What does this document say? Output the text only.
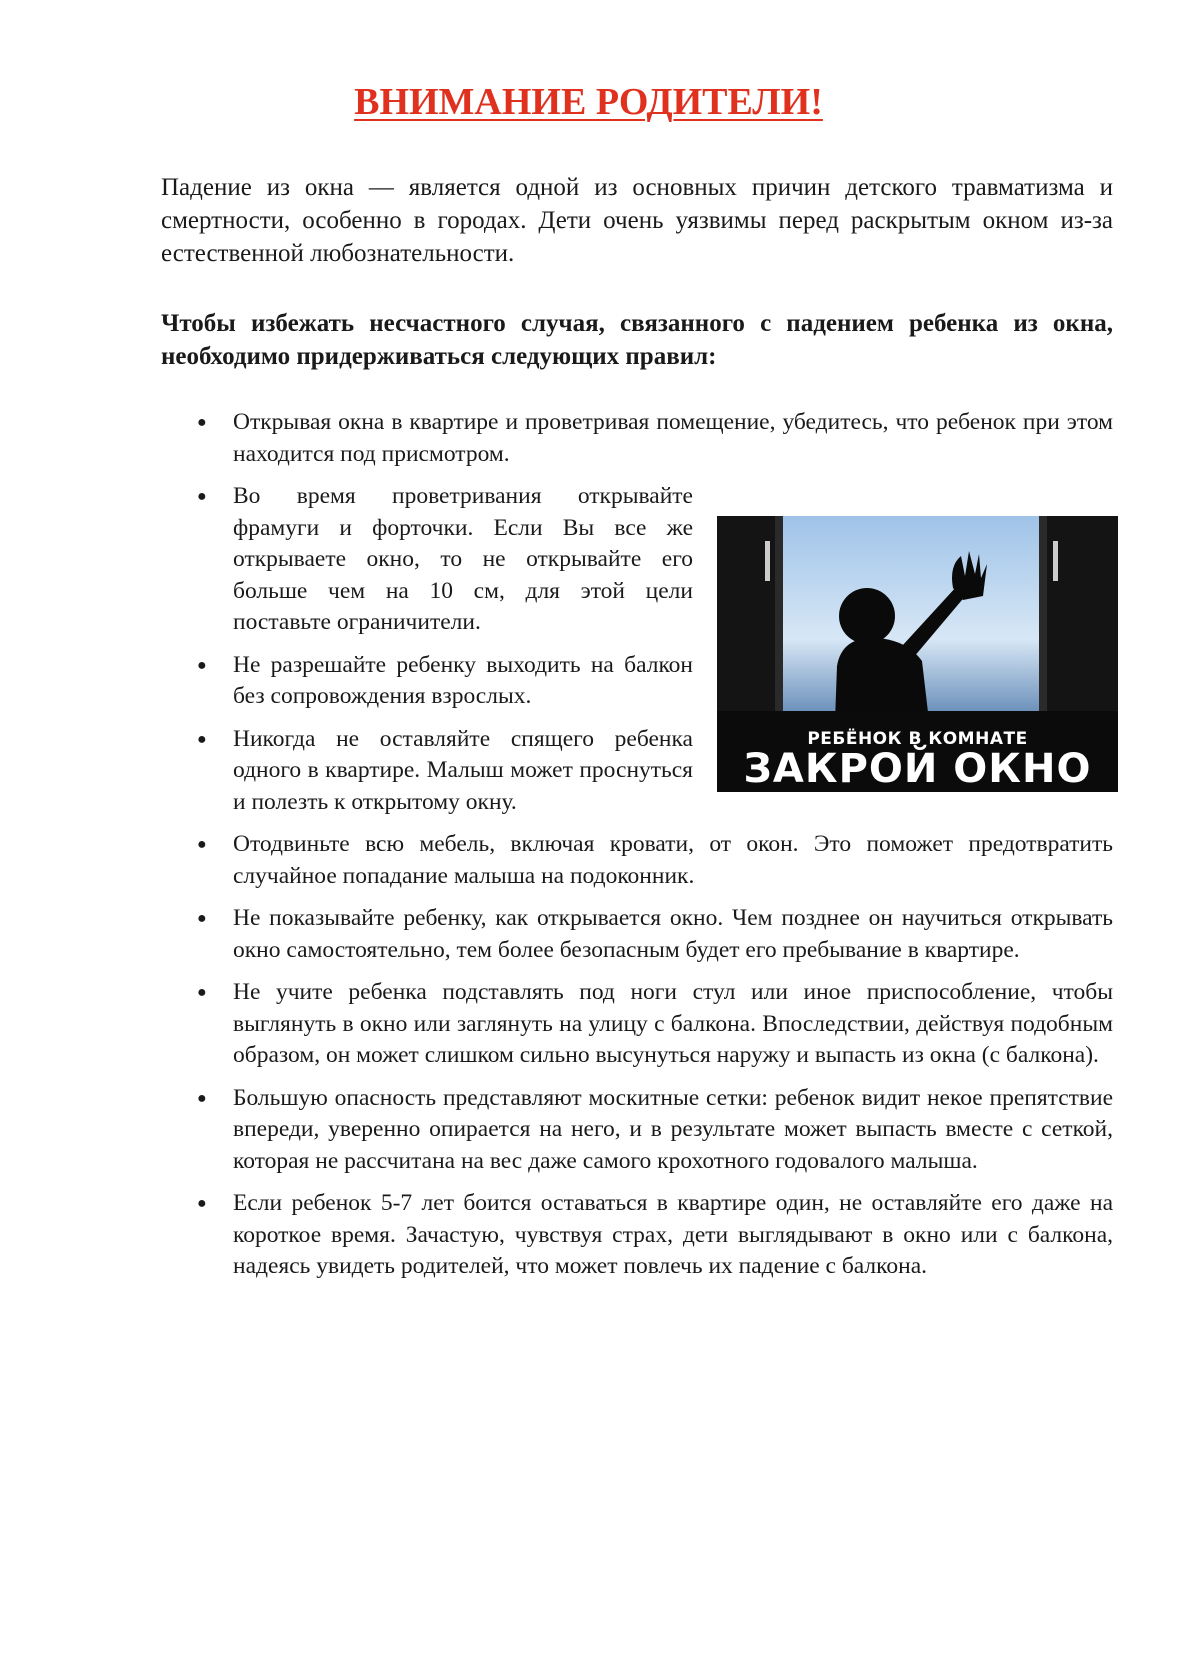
ВНИМАНИЕ РОДИТЕЛИ!

Падение из окна — является одной из основных причин детского травматизма и смертности, особенно в городах. Дети очень уязвимы перед раскрытым окном из-за естественной любознательности.

Чтобы избежать несчастного случая, связанного с падением ребенка из окна, необходимо придерживаться следующих правил:

● Открывая окна в квартире и проветривая помещение, убедитесь, что ребенок при этом находится под присмотром.
● Во время проветривания открывайте фрамуги и форточки. Если Вы все же открываете окно, то не открывайте его больше чем на 10 см, для этой цели поставьте ограничители.
● Не разрешайте ребенку выходить на балкон без сопровождения взрослых.
● Никогда не оставляйте спящего ребенка одного в квартире. Малыш может проснуться и полезть к открытому окну.
● Отодвиньте всю мебель, включая кровати, от окон. Это поможет предотвратить случайное попадание малыша на подоконник.
● Не показывайте ребенку, как открывается окно. Чем позднее он научиться открывать окно самостоятельно, тем более безопасным будет его пребывание в квартире.
● Не учите ребенка подставлять под ноги стул или иное приспособление, чтобы выглянуть в окно или заглянуть на улицу с балкона. Впоследствии, действуя подобным образом, он может слишком сильно высунуться наружу и выпасть из окна (с балкона).
● Большую опасность представляют москитные сетки: ребенок видит некое препятствие впереди, уверенно опирается на него, и в результате может выпасть вместе с сеткой, которая не рассчитана на вес даже самого крохотного годовалого малыша.
● Если ребенок 5-7 лет боится оставаться в квартире один, не оставляйте его даже на короткое время. Зачастую, чувствуя страх, дети выглядывают в окно или с балкона, надеясь увидеть родителей, что может повлечь их падение с балкона.
РЕБЁНОК В КОМНАТЕ
ЗАКРОЙ ОКНО
